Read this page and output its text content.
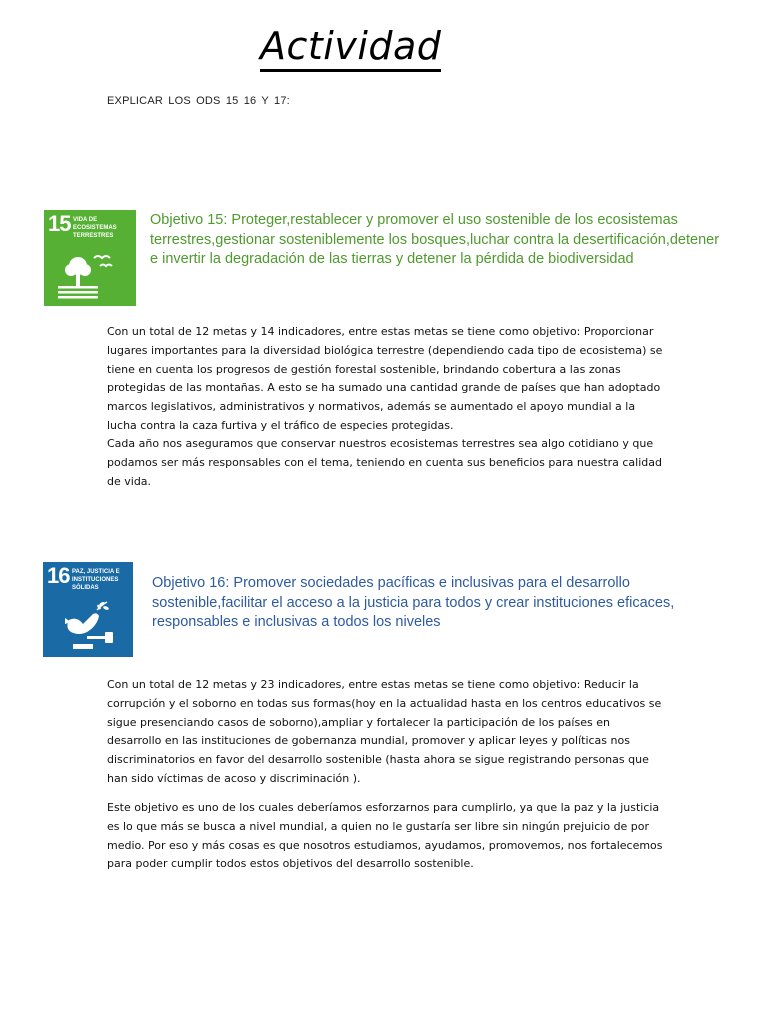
Actividad
EXPLICAR LOS ODS 15 16 Y 17:
15 VIDA DE ECOSISTEMAS TERRESTRES
Objetivo 15: Proteger,restablecer y promover el uso sostenible de los ecosistemas terrestres,gestionar sosteniblemente los bosques,luchar contra la desertificación,detener e invertir la degradación de las tierras y detener la pérdida de biodiversidad

Con un total de 12 metas y 14 indicadores, entre estas metas se tiene como objetivo: Proporcionar lugares importantes para la diversidad biológica terrestre (dependiendo cada tipo de ecosistema) se tiene en cuenta los progresos de gestión forestal sostenible, brindando cobertura a las zonas protegidas de las montañas. A esto se ha sumado una cantidad grande de países que han adoptado marcos legislativos, administrativos y normativos, además se aumentado el apoyo mundial a la lucha contra la caza furtiva y el tráfico de especies protegidas.

Cada año nos aseguramos que conservar nuestros ecosistemas terrestres sea algo cotidiano y que podamos ser más responsables con el tema, teniendo en cuenta sus beneficios para nuestra calidad de vida.

16 PAZ, JUSTICIA E INSTITUCIONES SÓLIDAS	Objetivo 16: Promover sociedades pacíficas e inclusivas para el desarrollo sostenible,facilitar el acceso a la justicia para todos y crear instituciones eficaces, responsables e inclusivas a todos los niveles

Con un total de 12 metas y 23 indicadores, entre estas metas se tiene como objetivo: Reducir la corrupción y el soborno en todas sus formas(hoy en la actualidad hasta en los centros educativos se sigue presenciando casos de soborno),ampliar y fortalecer la participación de los países en desarrollo en las instituciones de gobernanza mundial, promover y aplicar leyes y políticas nos discriminatorios en favor del desarrollo sostenible (hasta ahora se sigue registrando personas que han sido víctimas de acoso y discriminación ).

Este objetivo es uno de los cuales deberíamos esforzarnos para cumplirlo, ya que la paz y la justicia es lo que más se busca a nivel mundial, a quien no le gustaría ser libre sin ningún prejuicio de por medio. Por eso y más cosas es que nosotros estudiamos, ayudamos, promovemos, nos fortalecemos para poder cumplir todos estos objetivos del desarrollo sostenible.
